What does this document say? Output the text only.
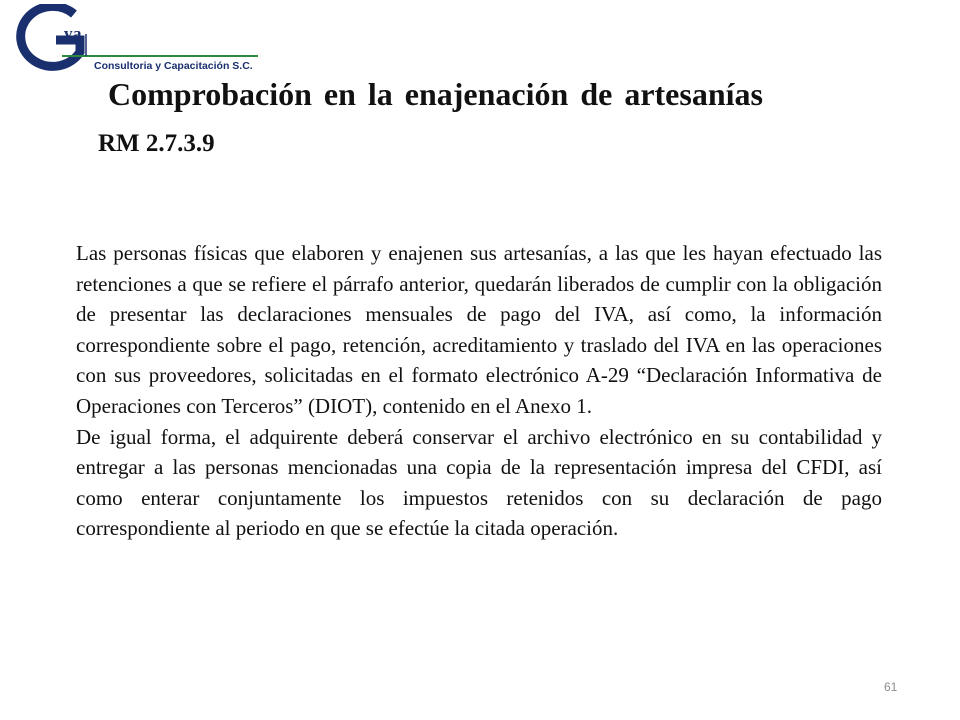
va
Consultoria y Capacitación S.C.
Comprobación en la enajenación de artesanías
RM 2.7.3.9

Las personas físicas que elaboren y enajenen sus artesanías, a las que les hayan efectuado las retenciones a que se refiere el párrafo anterior, quedarán liberados de cumplir con la obligación de presentar las declaraciones mensuales de pago del IVA, así como, la información correspondiente sobre el pago, retención, acreditamiento y traslado del IVA en las operaciones con sus proveedores, solicitadas en el formato electrónico A-29 “Declaración Informativa de Operaciones con Terceros” (DIOT), contenido en el Anexo 1.

De igual forma, el adquirente deberá conservar el archivo electrónico en su contabilidad y entregar a las personas mencionadas una copia de la representación impresa del CFDI, así como enterar conjuntamente los impuestos retenidos con su declaración de pago correspondiente al periodo en que se efectúe la citada operación.

61
